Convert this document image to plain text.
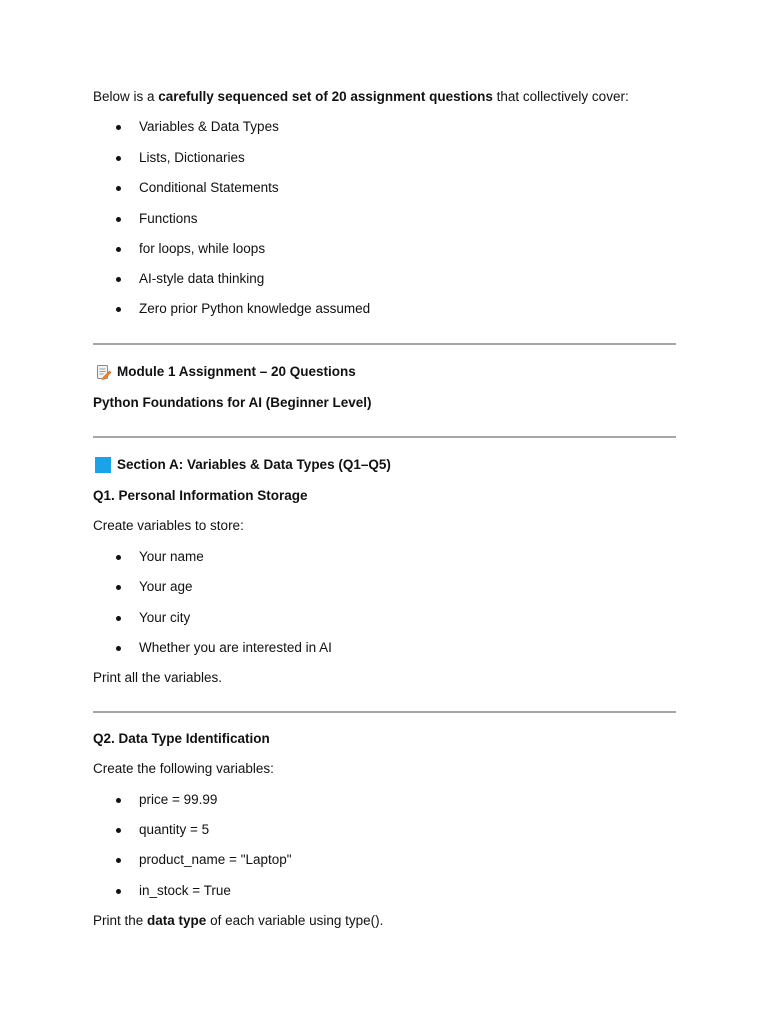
Below is a carefully sequenced set of 20 assignment questions that collectively cover:
Variables & Data Types
Lists, Dictionaries
Conditional Statements
Functions
for loops, while loops
AI-style data thinking
Zero prior Python knowledge assumed
Module 1 Assignment – 20 Questions
Python Foundations for AI (Beginner Level)
Section A: Variables & Data Types (Q1–Q5)
Q1. Personal Information Storage
Create variables to store:
Your name
Your age
Your city
Whether you are interested in AI
Print all the variables.
Q2. Data Type Identification
Create the following variables:
price = 99.99
quantity = 5
product_name = "Laptop"
in_stock = True
Print the data type of each variable using type().
